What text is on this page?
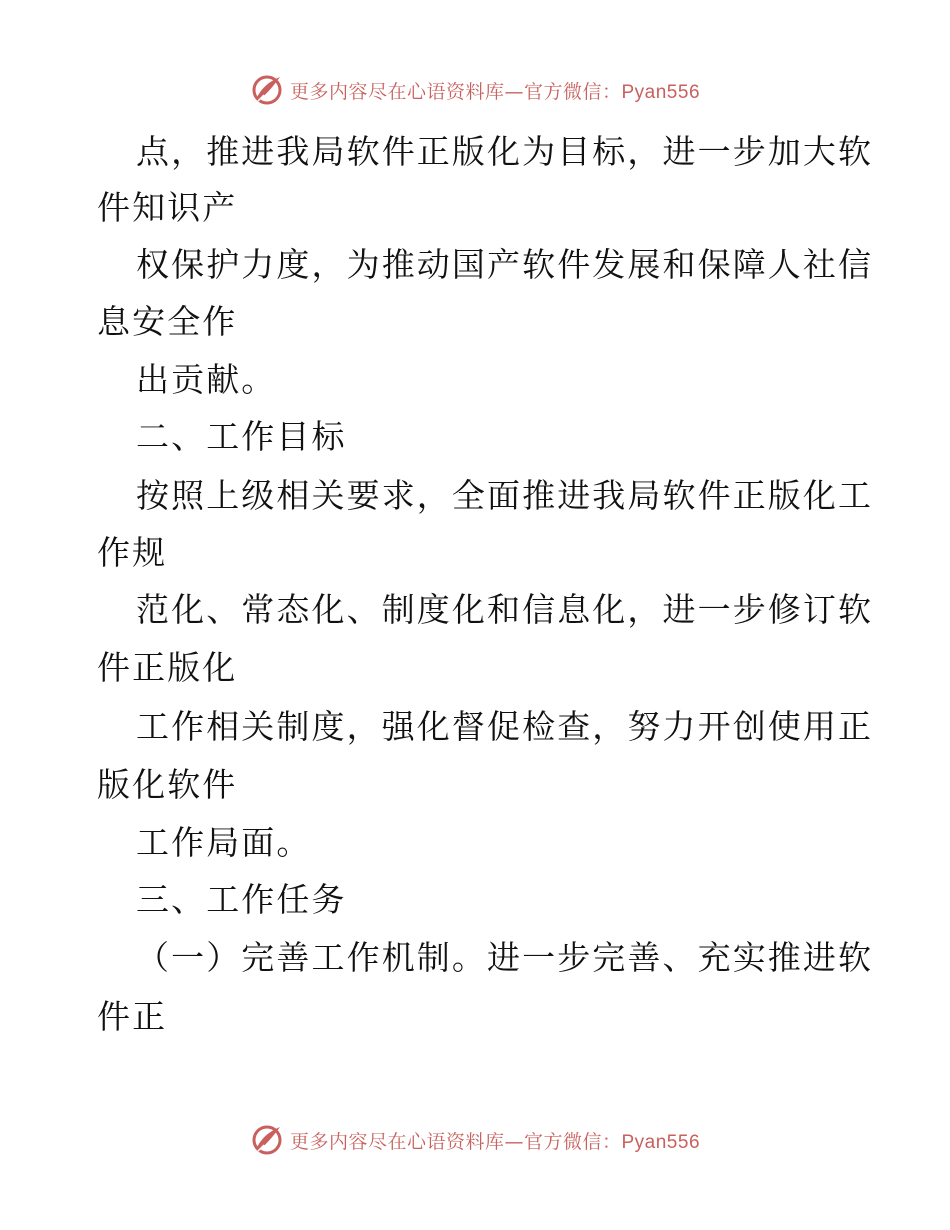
更多内容尽在心语资料库—官方微信：Pyan556
点，推进我局软件正版化为目标，进一步加大软
件知识产
权保护力度，为推动国产软件发展和保障人社信
息安全作
出贡献。
二、工作目标
按照上级相关要求，全面推进我局软件正版化工
作规
范化、常态化、制度化和信息化，进一步修订软
件正版化
工作相关制度，强化督促检查，努力开创使用正
版化软件
工作局面。
三、工作任务
（一）完善工作机制。进一步完善、充实推进软
件正
更多内容尽在心语资料库—官方微信：Pyan556
